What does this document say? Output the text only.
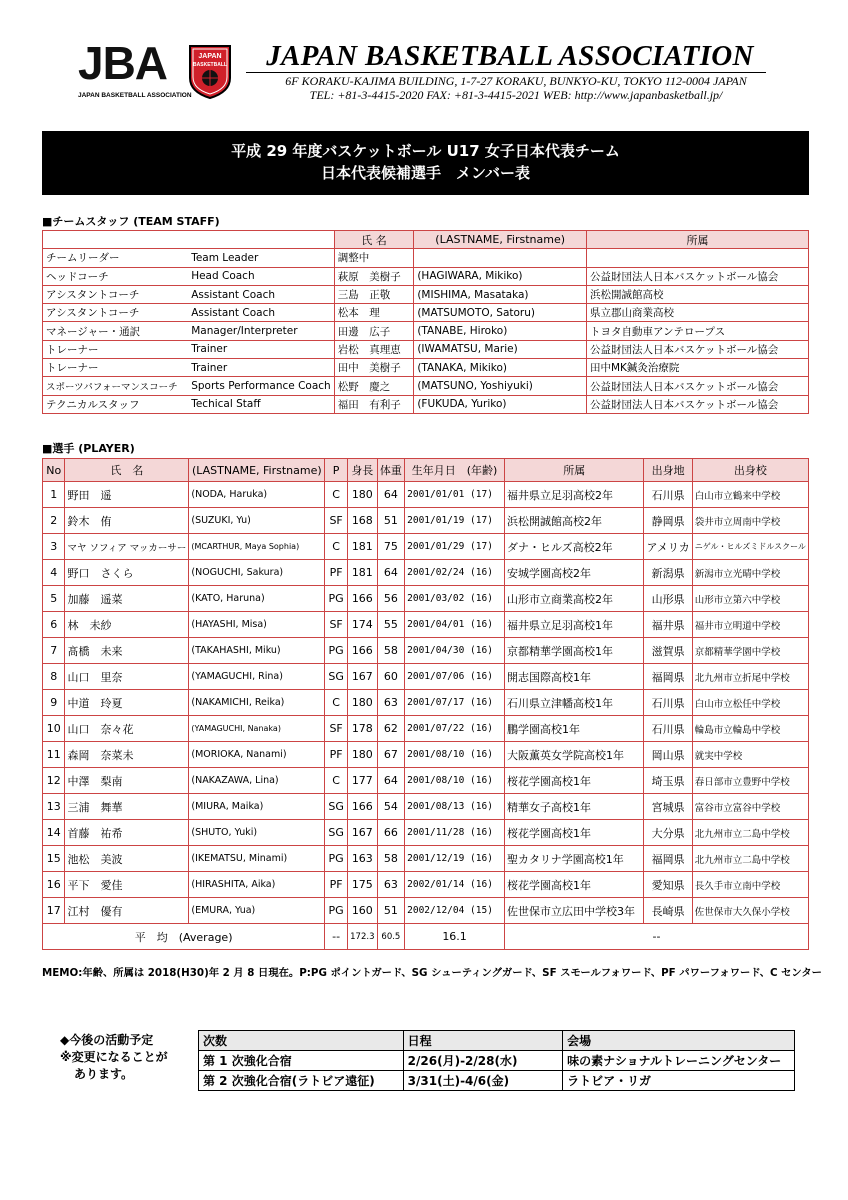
JBA
JAPAN BASKETBALL ASSOCIATION
JAPAN
BASKETBALL JAPAN BASKETBALL ASSOCIATION
6F KORAKU-KAJIMA BUILDING, 1-7-27 KORAKU, BUNKYO-KU, TOKYO 112-0004 JAPAN
TEL: +81-3-4415-2020 FAX: +81-3-4415-2021 WEB: http://www.japanbasketball.jp/
平成 29 年度バスケットボール U17 女子日本代表チーム
日本代表候補選手　メンバー表
■チームスタッフ (TEAM STAFF)
		氏 名	(LASTNAME, Firstname)	所属
チームリーダー	Team Leader	調整中		
ヘッドコーチ	Head Coach	萩原　美樹子	(HAGIWARA, Mikiko)	公益財団法人日本バスケットボール協会
アシスタントコーチ	Assistant Coach	三島　正敬	(MISHIMA, Masataka)	浜松開誠館高校
アシスタントコーチ	Assistant Coach	松本　理	(MATSUMOTO, Satoru)	県立郡山商業高校
マネージャー・通訳	Manager/Interpreter	田邊　広子	(TANABE, Hiroko)	トヨタ自動車アンテロープス
トレーナー	Trainer	岩松　真理恵	(IWAMATSU, Marie)	公益財団法人日本バスケットボール協会
トレーナー	Trainer	田中　美樹子	(TANAKA, Mikiko)	田中MK鍼灸治療院
スポーツパフォーマンスコーチ	Sports Performance Coach	松野　慶之	(MATSUNO, Yoshiyuki)	公益財団法人日本バスケットボール協会
テクニカルスタッフ	Techical Staff	福田　有利子	(FUKUDA, Yuriko)	公益財団法人日本バスケットボール協会
■選手 (PLAYER)
No	氏　名	(LASTNAME, Firstname)	P	身長	体重	生年月日　(年齢)	所属	出身地	出身校
1	野田　遥	(NODA, Haruka)	C	180	64	2001/01/01 (17)	福井県立足羽高校2年	石川県	白山市立鶴来中学校
2	鈴木　侑	(SUZUKI, Yu)	SF	168	51	2001/01/19 (17)	浜松開誠館高校2年	静岡県	袋井市立周南中学校
3	マヤ ソフィア マッカーサー	(MCARTHUR, Maya Sophia)	C	181	75	2001/01/29 (17)	ダナ・ヒルズ高校2年	アメリカ	ニゲル・ヒルズミドルスクール
4	野口　さくら	(NOGUCHI, Sakura)	PF	181	64	2001/02/24 (16)	安城学園高校2年	新潟県	新潟市立光晴中学校
5	加藤　遥菜	(KATO, Haruna)	PG	166	56	2001/03/02 (16)	山形市立商業高校2年	山形県	山形市立第六中学校
6	林　未紗	(HAYASHI, Misa)	SF	174	55	2001/04/01 (16)	福井県立足羽高校1年	福井県	福井市立明道中学校
7	髙橋　未来	(TAKAHASHI, Miku)	PG	166	58	2001/04/30 (16)	京都精華学園高校1年	滋賀県	京都精華学園中学校
8	山口　里奈	(YAMAGUCHI, Rina)	SG	167	60	2001/07/06 (16)	開志国際高校1年	福岡県	北九州市立折尾中学校
9	中道　玲夏	(NAKAMICHI, Reika)	C	180	63	2001/07/17 (16)	石川県立津幡高校1年	石川県	白山市立松任中学校
10	山口　奈々花	(YAMAGUCHI, Nanaka)	SF	178	62	2001/07/22 (16)	鵬学園高校1年	石川県	輪島市立輪島中学校
11	森岡　奈菜未	(MORIOKA, Nanami)	PF	180	67	2001/08/10 (16)	大阪薫英女学院高校1年	岡山県	就実中学校
12	中澤　梨南	(NAKAZAWA, Lina)	C	177	64	2001/08/10 (16)	桜花学園高校1年	埼玉県	春日部市立豊野中学校
13	三浦　舞華	(MIURA, Maika)	SG	166	54	2001/08/13 (16)	精華女子高校1年	宮城県	富谷市立富谷中学校
14	首藤　祐希	(SHUTO, Yuki)	SG	167	66	2001/11/28 (16)	桜花学園高校1年	大分県	北九州市立二島中学校
15	池松　美波	(IKEMATSU, Minami)	PG	163	58	2001/12/19 (16)	聖カタリナ学園高校1年	福岡県	北九州市立二島中学校
16	平下　愛佳	(HIRASHITA, Aika)	PF	175	63	2002/01/14 (16)	桜花学園高校1年	愛知県	長久手市立南中学校
17	江村　優有	(EMURA, Yua)	PG	160	51	2002/12/04 (15)	佐世保市立広田中学校3年	長崎県	佐世保市大久保小学校
平　均　(Average)			--	172.3	60.5	16.1	--		
MEMO:年齢、所属は 2018(H30)年 2 月 8 日現在。P:PG ポイントガード、SG シューティングガード、SF スモールフォワード、PF パワーフォワード、C センター
◆今後の活動予定
※変更になることが
あります。
次数	日程	会場
第 1 次強化合宿	2/26(月)-2/28(水)	味の素ナショナルトレーニングセンター
第 2 次強化合宿(ラトビア遠征)	3/31(土)-4/6(金)	ラトビア・リガ
